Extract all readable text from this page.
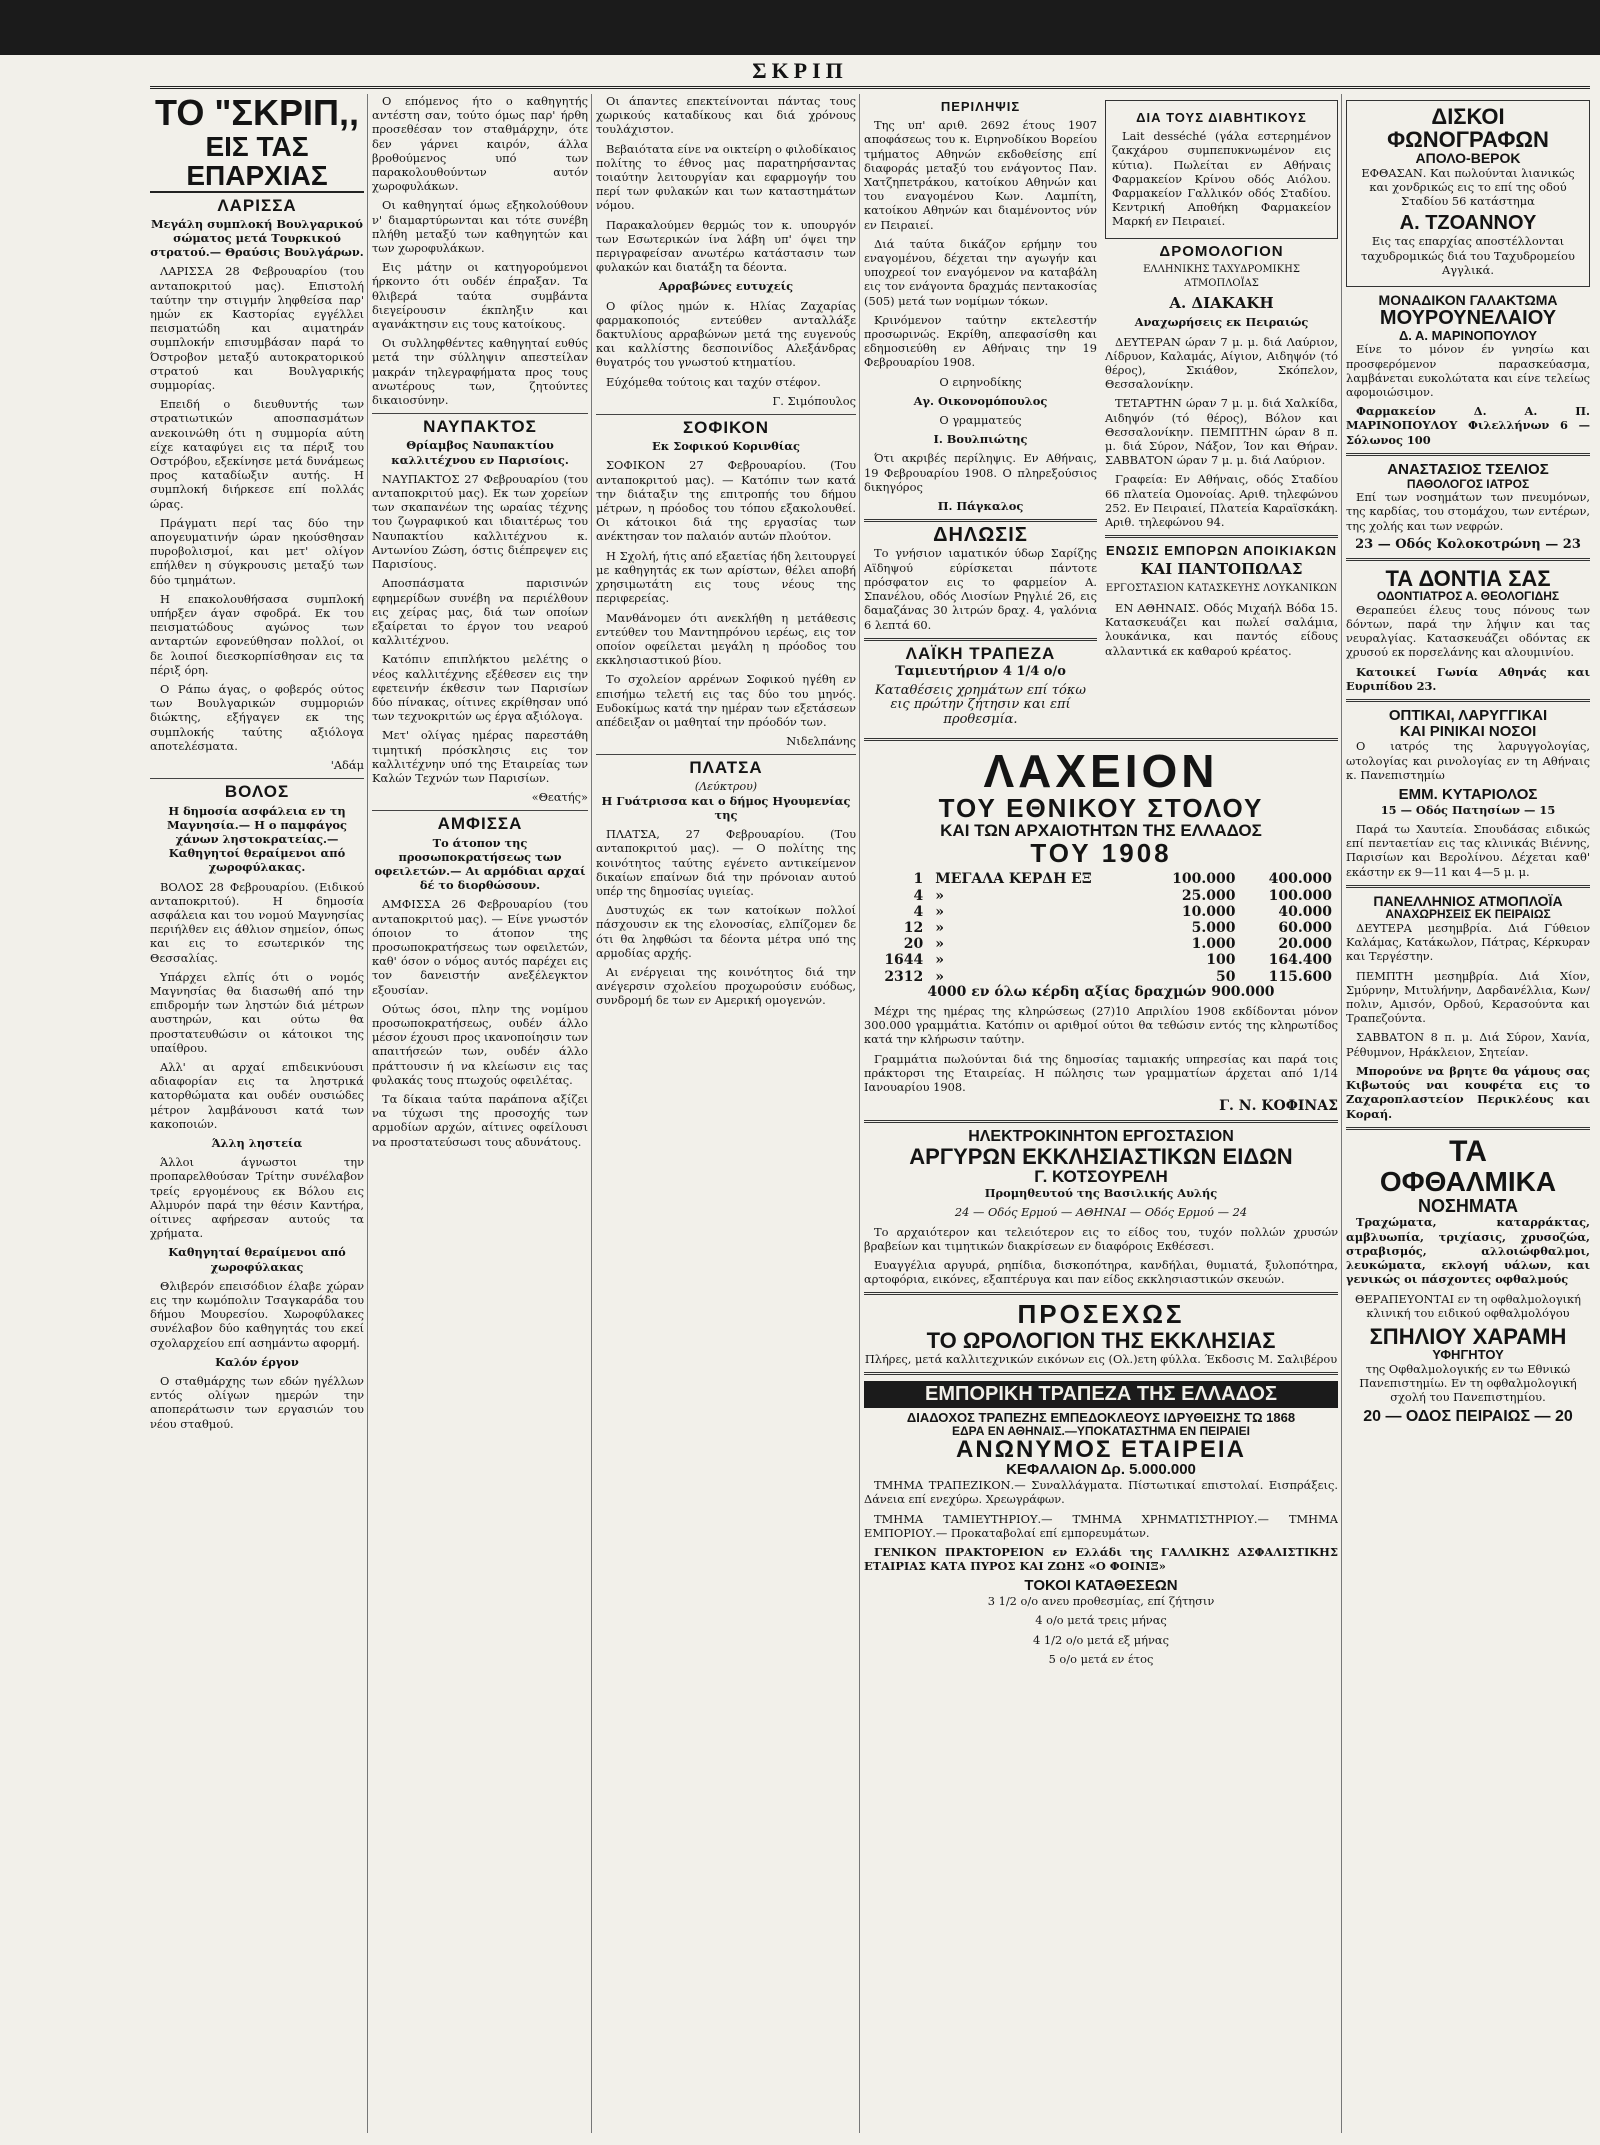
ΣΚΡΙΠ
ΤΟ "ΣΚΡΙΠ,,
ΕΙΣ ΤΑΣ ΕΠΑΡΧΙΑΣ
ΛΑΡΙΣΣΑ

Μεγάλη συμπλοκή Βουλγαρικού σώματος μετά Τουρκικού στρατού.— Θραύσις Βουλγάρων.

ΛΑΡΙΣΣΑ 28 Φεβρουαρίου (του ανταποκριτού μας). Επιστολή ταύτην την στιγμήν ληφθείσα παρ' ημών εκ Καστορίας εγγέλλει πεισματώδη και αιματηράν συμπλοκήν επισυμβάσαν παρά το Όστροβον μεταξύ αυτοκρατορικού στρατού και Βουλγαρικής συμμορίας.

Επειδή ο διευθυντής των στρατιωτικών αποσπασμάτων ανεκοινώθη ότι η συμμορία αύτη είχε καταφύγει εις τα πέριξ του Οστρόβου, εξεκίνησε μετά δυνάμεως προς καταδίωξιν αυτής. Η συμπλοκή διήρκεσε επί πολλάς ώρας.

Πράγματι περί τας δύο την απογευματινήν ώραν ηκούσθησαν πυροβολισμοί, και μετ' ολίγον επήλθεν η σύγκρουσις μεταξύ των δύο τμημάτων.

Η επακολουθήσασα συμπλοκή υπήρξεν άγαν σφοδρά. Εκ του πεισματώδους αγώνος των ανταρτών εφονεύθησαν πολλοί, οι δε λοιποί διεσκορπίσθησαν εις τα πέριξ όρη.

Ο Ράπω άγας, ο φοβερός ούτος των Βουλγαρικών συμμοριών διώκτης, εξήγαγεν εκ της συμπλοκής ταύτης αξιόλογα αποτελέσματα.

'Αδάμ

ΒΟΛΟΣ

Η δημοσία ασφάλεια εν τη Μαγνησία.— Η ο παμφάγος χάνων ληστοκρατείας.— Καθηγητοί θεραίμενοι από χωροφύλακας.

ΒΟΛΟΣ 28 Φεβρουαρίου. (Ειδικού ανταποκριτού). Η δημοσία ασφάλεια και του νομού Μαγνησίας περιήλθεν εις άθλιον σημείον, όπως και εις το εσωτερικόν της Θεσσαλίας.

Υπάρχει ελπίς ότι ο νομός Μαγνησίας θα διασωθή από την επιδρομήν των ληστών διά μέτρων αυστηρών, και ούτω θα προστατευθώσιν οι κάτοικοι της υπαίθρου.

Αλλ' αι αρχαί επιδεικνύουσι αδιαφορίαν εις τα ληστρικά κατορθώματα και ουδέν ουσιώδες μέτρον λαμβάνουσι κατά των κακοποιών.

Άλλη ληστεία

Άλλοι άγνωστοι την προπαρελθούσαν Τρίτην συνέλαβον τρείς εργομένους εκ Βόλου εις Αλμυρόν παρά την θέσιν Καντήρα, οίτινες αφήρεσαν αυτούς τα χρήματα.

Καθηγηταί θεραίμενοι από χωροφύλακας

Θλιβερόν επεισόδιον έλαβε χώραν εις την κωμόπολιν Τσαγκαράδα του δήμου Μουρεσίου. Χωροφύλακες συνέλαβον δύο καθηγητάς του εκεί σχολαρχείου επί ασημάντω αφορμή.

Καλόν έργον

Ο σταθμάρχης των εδών ηγέλλων εντός ολίγων ημερών την αποπεράτωσιν των εργασιών του νέου σταθμού.

Ο επόμενος ήτο ο καθηγητής αντέστη σαν, τούτο όμως παρ' ήρθη προσεθέσαν τον σταθμάρχην, ότε δεν γάρνει καιρόν, άλλα βροθούμενος υπό των παρακολουθούντων αυτόν χωροφυλάκων.

Οι καθηγηταί όμως εξηκολούθουν ν' διαμαρτύρωνται και τότε συνέβη πλήθη μεταξύ των καθηγητών και των χωροφυλάκων.

Εις μάτην οι κατηγορούμενοι ήρκοντο ότι ουδέν έπραξαν. Τα θλιβερά ταύτα συμβάντα διεγείρουσιν έκπληξιν και αγανάκτησιν εις τους κατοίκους.

Οι συλληφθέντες καθηγηταί ευθύς μετά την σύλληψιν απεστείλαν μακράν τηλεγραφήματα προς τους ανωτέρους των, ζητούντες δικαιοσύνην.

ΝΑΥΠΑΚΤΟΣ

Θρίαμβος Ναυπακτίου καλλιτέχνου εν Παρισίοις.

ΝΑΥΠΑΚΤΟΣ 27 Φεβρουαρίου (του ανταποκριτού μας). Εκ των χορείων των σκαπανέων της ωραίας τέχνης του ζωγραφικού και ιδιαιτέρως του Ναυπακτίου καλλιτέχνου κ. Αντωνίου Ζώση, όστις διέπρεψεν εις Παρισίους.

Αποσπάσματα παρισινών εφημερίδων συνέβη να περιέλθουν εις χείρας μας, διά των οποίων εξαίρεται το έργον του νεαρού καλλιτέχνου.

Κατόπιν επιπλήκτου μελέτης ο νέος καλλιτέχνης εξέθεσεν εις την εφετεινήν έκθεσιν των Παρισίων δύο πίνακας, οίτινες εκρίθησαν υπό των τεχνοκριτών ως έργα αξιόλογα.

Μετ' ολίγας ημέρας παρεστάθη τιμητική πρόσκλησις εις τον καλλιτέχνην υπό της Εταιρείας των Καλών Τεχνών των Παρισίων.

«Θεατής»

ΑΜΦΙΣΣΑ

Το άτοπον της προσωποκρατήσεως των οφειλετών.— Αι αρμόδιαι αρχαί δέ το διορθώσουν.

ΑΜΦΙΣΣΑ 26 Φεβρουαρίου (του ανταποκριτού μας). — Είνε γνωστόν όποιον το άτοπον της προσωποκρατήσεως των οφειλετών, καθ' όσον ο νόμος αυτός παρέχει εις τον δανειστήν ανεξέλεγκτον εξουσίαν.

Ούτως όσοι, πλην της νομίμου προσωποκρατήσεως, ουδέν άλλο μέσον έχουσι προς ικανοποίησιν των απαιτήσεών των, ουδέν άλλο πράττουσιν ή να κλείωσιν εις τας φυλακάς τους πτωχούς οφειλέτας.

Τα δίκαια ταύτα παράπονα αξίζει να τύχωσι της προσοχής των αρμοδίων αρχών, αίτινες οφείλουσι να προστατεύσωσι τους αδυνάτους.

Οι άπαντες επεκτείνονται πάντας τους χωρικούς καταδίκους και διά χρόνους τουλάχιστον.

Βεβαιότατα είνε να οικτείρη ο φιλοδίκαιος πολίτης το έθνος μας παρατηρήσαντας τοιαύτην λειτουργίαν και εφαρμογήν του περί των φυλακών και των καταστημάτων νόμου.

Παρακαλούμεν θερμώς τον κ. υπουργόν των Εσωτερικών ίνα λάβη υπ' όψει την περιγραφείσαν ανωτέρω κατάστασιν των φυλακών και διατάξη τα δέοντα.

Αρραβώνες ευτυχείς

Ο φίλος ημών κ. Ηλίας Ζαχαρίας φαρμακοποιός εντεύθεν ανταλλάξε δακτυλίους αρραβώνων μετά της ευγενούς και καλλίστης δεσποινίδος Αλεξάνδρας θυγατρός του γνωστού κτηματίου.

Εύχόμεθα τούτοις και ταχύν στέφον.

Γ. Σιμόπουλος

ΣΟΦΙΚΟΝ

Εκ Σοφικού Κορινθίας

ΣΟΦΙΚΟΝ 27 Φεβρουαρίου. (Του ανταποκριτού μας). — Κατόπιν των κατά την διάταξιν της επιτροπής του δήμου μέτρων, η πρόοδος του τόπου εξακολουθεί. Οι κάτοικοι διά της εργασίας των ανέκτησαν τον παλαιόν αυτών πλούτον.

Η Σχολή, ήτις από εξαετίας ήδη λειτουργεί με καθηγητάς εκ των αρίστων, θέλει αποβή χρησιμωτάτη εις τους νέους της περιφερείας.

Μανθάνομεν ότι ανεκλήθη η μετάθεσις εντεύθεν του Μαντηπρόνου ιερέως, εις τον οποίον οφείλεται μεγάλη η πρόοδος του εκκλησιαστικού βίου.

Το σχολείον αρρένων Σοφικού ηγέθη εν επισήμω τελετή εις τας δύο του μηνός. Ευδοκίμως κατά την ημέραν των εξετάσεων απέδειξαν οι μαθηταί την πρόοδόν των.

Νιδελπάνης

ΠΛΑΤΣΑ
(Λεύκτρου)

Η Γυάτρισσα και ο δήμος Ηγουμενίας της

ΠΛΑΤΣΑ, 27 Φεβρουαρίου. (Του ανταποκριτού μας). — Ο πολίτης της κοινότητος ταύτης εγένετο αντικείμενον δικαίων επαίνων διά την πρόνοιαν αυτού υπέρ της δημοσίας υγιείας.

Δυστυχώς εκ των κατοίκων πολλοί πάσχουσιν εκ της ελονοσίας, ελπίζομεν δε ότι θα ληφθώσι τα δέοντα μέτρα υπό της αρμοδίας αρχής.

Αι ενέργειαι της κοινότητος διά την ανέγερσιν σχολείου προχωρούσιν ευόδως, συνδρομή δε των εν Αμερική ομογενών.

ΠΕΡΙΛΗΨΙΣ

Της υπ' αριθ. 2692 έτους 1907 αποφάσεως του κ. Ειρηνοδίκου Βορείου τμήματος Αθηνών εκδοθείσης επί διαφοράς μεταξύ του ενάγοντος Παν. Χατζηπετράκου, κατοίκου Αθηνών και του εναγομένου Κων. Λαμπίτη, κατοίκου Αθηνών και διαμένοντος νύν εν Πειραιεί.

Διά ταύτα δικάζον ερήμην του εναγομένου, δέχεται την αγωγήν και υποχρεοί τον εναγόμενον να καταβάλη εις τον ενάγοντα δραχμάς πεντακοσίας (505) μετά των νομίμων τόκων.

Κρινόμενον ταύτην εκτελεστήν προσωρινώς. Εκρίθη, απεφασίσθη και εδημοσιεύθη εν Αθήναις την 19 Φεβρουαρίου 1908.

Ο ειρηνοδίκης

Αγ. Οικονομόπουλος

Ο γραμματεύς

Ι. Βουλπιώτης

Ότι ακριβές περίληψις. Εν Αθήναις, 19 Φεβρουαρίου 1908. Ο πληρεξούσιος δικηγόρος

Π. Πάγκαλος

ΔΗΛΩΣΙΣ

Το γνήσιον ιαματικόν ύδωρ Σαρίζης Αϊδηψού εύρίσκεται πάντοτε πρόσφατον εις το φαρμείον Α. Σπανέλου, οδός Λιοσίων Ρηγλιέ 26, εις δαμαζάνας 30 λιτρών δραχ. 4, γαλόνια 6 λεπτά 60.

ΛΑΪΚΗ ΤΡΑΠΕΖΑ

Ταμιευτήριον 4 1/4 ο/ο

Καταθέσεις χρημάτων επί τόκω εις πρώτην ζήτησιν και επί προθεσμία.

ΔΙΑ ΤΟΥΣ ΔΙΑΒΗΤΙΚΟΥΣ

Lait desséché (γάλα εστερημένον ζακχάρου συμπεπυκνωμένον εις κύτια). Πωλείται εν Αθήναις Φαρμακείον Κρίνου οδός Αιόλου. Φαρμακείον Γαλλικόν οδός Σταδίου. Κεντρική Αποθήκη Φαρμακείον Μαρκή εν Πειραιεί.

ΔΡΟΜΟΛΟΓΙΟΝ

ΕΛΛΗΝΙΚΗΣ ΤΑΧΥΔΡΟΜΙΚΗΣ ΑΤΜΟΠΛΟΪΑΣ

Α. ΔΙΑΚΑΚΗ

Αναχωρήσεις εκ Πειραιώς

ΔΕΥΤΕΡΑΝ ώραν 7 μ. μ. διά Λαύριον, Λίδρυον, Καλαμάς, Αίγιον, Αιδηψόν (τό θέρος), Σκιάθον, Σκόπελον, Θεσσαλονίκην.

ΤΕΤΑΡΤΗΝ ώραν 7 μ. μ. διά Χαλκίδα, Αιδηψόν (τό θέρος), Βόλον και Θεσσαλονίκην. ΠΕΜΠΤΗΝ ώραν 8 π. μ. διά Σύρον, Νάξον, Ίον και Θήραν. ΣΑΒΒΑΤΟΝ ώραν 7 μ. μ. διά Λαύριον.

Γραφεία: Εν Αθήναις, οδός Σταδίου 66 πλατεία Ομονοίας. Αριθ. τηλεφώνου 252. Εν Πειραιεί, Πλατεία Καραϊσκάκη. Αριθ. τηλεφώνου 94.

ΕΝΩΣΙΣ ΕΜΠΟΡΩΝ ΑΠΟΙΚΙΑΚΩΝ

ΚΑΙ ΠΑΝΤΟΠΩΛΑΣ

ΕΡΓΟΣΤΑΣΙΟΝ ΚΑΤΑΣΚΕΥΗΣ ΛΟΥΚΑΝΙΚΩΝ

ΕΝ ΑΘΗΝΑΙΣ. Οδός Μιχαήλ Βόδα 15. Κατασκευάζει και πωλεί σαλάμια, λουκάνικα, και παντός είδους αλλαντικά εκ καθαρού κρέατος.

ΛΑΧΕΙΟΝ
ΤΟΥ ΕΘΝΙΚΟΥ ΣΤΟΛΟΥ
ΚΑΙ ΤΩΝ ΑΡΧΑΙΟΤΗΤΩΝ ΤΗΣ ΕΛΛΑΔΟΣ
ΤΟΥ 1908
1	ΜΕΓΑΛΑ ΚΕΡΔΗ ΕΞ	100.000	400.000
4	»	25.000	100.000
4	»	10.000	40.000
12	»	5.000	60.000
20	»	1.000	20.000
1644	»	100	164.400
2312	»	50	115.600

4000 εν όλω κέρδη αξίας δραχμών 900.000

Μέχρι της ημέρας της κληρώσεως (27)10 Απριλίου 1908 εκδίδονται μόνον 300.000 γραμμάτια. Κατόπιν οι αριθμοί ούτοι θα τεθώσιν εντός της κληρωτίδος κατά την κλήρωσιν ταύτην.

Γραμμάτια πωλούνται διά της δημοσίας ταμιακής υπηρεσίας και παρά τοις πράκτορσι της Εταιρείας. Η πώλησις των γραμματίων άρχεται από 1/14 Ιανουαρίου 1908.

Γ. Ν. ΚΟΦΙΝΑΣ

ΗΛΕΚΤΡΟΚΙΝΗΤΟΝ ΕΡΓΟΣΤΑΣΙΟΝ
ΑΡΓΥΡΩΝ ΕΚΚΛΗΣΙΑΣΤΙΚΩΝ ΕΙΔΩΝ
Γ. ΚΟΤΣΟΥΡΕΛΗ

Προμηθευτού της Βασιλικής Αυλής

24 — Οδός Ερμού — ΑΘΗΝΑΙ — Οδός Ερμού — 24

Το αρχαιότερον και τελειότερον εις το είδος του, τυχόν πολλών χρυσών βραβείων και τιμητικών διακρίσεων εν διαφόροις Εκθέσεσι.

Ευαγγέλια αργυρά, ρηπίδια, δισκοπότηρα, κανδήλαι, θυμιατά, ξυλοπότηρα, αρτοφόρια, εικόνες, εξαπτέρυγα και παν είδος εκκλησιαστικών σκευών.

ΠΡΟΣΕΧΩΣ
ΤΟ ΩΡΟΛΟΓΙΟΝ ΤΗΣ ΕΚΚΛΗΣΙΑΣ

Πλήρες, μετά καλλιτεχνικών εικόνων εις (Ολ.)ετη φύλλα. Έκδοσις Μ. Σαλιβέρου

ΕΜΠΟΡΙΚΗ ΤΡΑΠΕΖΑ ΤΗΣ ΕΛΛΑΔΟΣ
ΔΙΑΔΟΧΟΣ ΤΡΑΠΕΖΗΣ ΕΜΠΕΔΟΚΛΕΟΥΣ ΙΔΡΥΘΕΙΣΗΣ ΤΩ 1868
ΕΔΡΑ ΕΝ ΑΘΗΝΑΙΣ.—ΥΠΟΚΑΤΑΣΤΗΜΑ ΕΝ ΠΕΙΡΑΙΕΙ
ΑΝΩΝΥΜΟΣ ΕΤΑΙΡΕΙΑ
ΚΕΦΑΛΑΙΟΝ Δρ. 5.000.000

ΤΜΗΜΑ ΤΡΑΠΕΖΙΚΟΝ.— Συναλλάγματα. Πίστωτικαί επιστολαί. Εισπράξεις. Δάνεια επί ενεχύρω. Χρεωγράφων.

ΤΜΗΜΑ ΤΑΜΙΕΥΤΗΡΙΟΥ.— ΤΜΗΜΑ ΧΡΗΜΑΤΙΣΤΗΡΙΟΥ.— ΤΜΗΜΑ ΕΜΠΟΡΙΟΥ.— Προκαταβολαί επί εμπορευμάτων.

ΓΕΝΙΚΟΝ ΠΡΑΚΤΟΡΕΙΟΝ εν Ελλάδι της ΓΑΛΛΙΚΗΣ ΑΣΦΑΛΙΣΤΙΚΗΣ ΕΤΑΙΡΙΑΣ ΚΑΤΑ ΠΥΡΟΣ ΚΑΙ ΖΩΗΣ «Ο ΦΟΙΝΙΞ»

ΤΟΚΟΙ ΚΑΤΑΘΕΣΕΩΝ

3 1/2 ο/ο ανευ προθεσμίας, επί ζήτησιν

4 ο/ο μετά τρεις μήνας

4 1/2 ο/ο μετά εξ μήνας

5 ο/ο μετά εν έτος

ΔΙΣΚΟΙ ΦΩΝΟΓΡΑΦΩΝ
ΑΠΟΛΟ-ΒΕΡΟΚ

ΕΦΘΑΣΑΝ. Και πωλούνται λιανικώς και χονδρικώς εις το επί της οδού Σταδίου 56 κατάστημα

Α. ΤΖΟΑΝΝΟΥ

Εις τας επαρχίας αποστέλλονται ταχυδρομικώς διά του Ταχυδρομείου Αγγλικά.

ΜΟΝΑΔΙΚΟΝ ΓΑΛΑΚΤΩΜΑ
ΜΟΥΡΟΥΝΕΛΑΙΟΥ
Δ. Α. ΜΑΡΙΝΟΠΟΥΛΟΥ

Είνε το μόνον έν γνησίω και προσφερόμενον παρασκεύασμα, λαμβάνεται ευκολώτατα και είνε τελείως αφομοιώσιμον.

Φαρμακείον Δ. Α. Π. ΜΑΡΙΝΟΠΟΥΛΟΥ Φιλελλήνων 6 — Σόλωνος 100

ΑΝΑΣΤΑΣΙΟΣ ΤΣΕΛΙΟΣ
ΠΑΘΟΛΟΓΟΣ ΙΑΤΡΟΣ

Επί των νοσημάτων των πνευμόνων, της καρδίας, του στομάχου, των εντέρων, της χολής και των νεφρών.

23 — Οδός Κολοκοτρώνη — 23

ΤΑ ΔΟΝΤΙΑ ΣΑΣ
ΟΔΟΝΤΙΑΤΡΟΣ Α. ΘΕΟΛΟΓΙΔΗΣ

Θεραπεύει έλευς τους πόνους των δόντων, παρά την λήψιν και τας νευραλγίας. Κατασκευάζει οδόντας εκ χρυσού εκ πορσελάνης και αλουμινίου.

Κατοικεί Γωνία Αθηνάς και Ευριπίδου 23.

ΟΠΤΙΚΑΙ, ΛΑΡΥΓΓΙΚΑΙ
ΚΑΙ ΡΙΝΙΚΑΙ ΝΟΣΟΙ

Ο ιατρός της λαρυγγολογίας, ωτολογίας και ρινολογίας εν τη Αθήναις κ. Πανεπιστημίω

ΕΜΜ. ΚΥΤΑΡΙΟΛΟΣ

15 — Οδός Πατησίων — 15

Παρά τω Χαυτεία. Σπουδάσας ειδικώς επί πενταετίαν εις τας κλινικάς Βιέννης, Παρισίων και Βερολίνου. Δέχεται καθ' εκάστην εκ 9—11 και 4—5 μ. μ.

ΠΑΝΕΛΛΗΝΙΟΣ ΑΤΜΟΠΛΟΪΑ
ΑΝΑΧΩΡΗΣΕΙΣ ΕΚ ΠΕΙΡΑΙΩΣ

ΔΕΥΤΕΡΑ μεσημβρία. Διά Γύθειον Καλάμας, Κατάκωλον, Πάτρας, Κέρκυραν και Τεργέστην.

ΠΕΜΠΤΗ μεσημβρία. Διά Χίον, Σμύρνην, Μιτυλήνην, Δαρδανέλλια, Κων/πολιν, Αμισόν, Ορδού, Κερασούντα και Τραπεζούντα.

ΣΑΒΒΑΤΟΝ 8 π. μ. Διά Σύρον, Χανία, Ρέθυμνον, Ηράκλειον, Σητείαν.

Μπορούνε να βρητε θα γάμους σας Κιβωτούς ναι κουφέτα εις το Ζαχαροπλαστείον Περικλέους και Κοραή.

ΤΑ
ΟΦΘΑΛΜΙΚΑ
ΝΟΣΗΜΑΤΑ

Τραχώματα, καταρράκτας, αμβλυωπία, τριχίασις, χρυσοζώα, στραβισμός, αλλοιώφθαλμοι, λευκώματα, εκλογή υάλων, και γενικώς οι πάσχοντες οφθαλμούς

ΘΕΡΑΠΕΥΟΝΤΑΙ εν τη οφθαλμολογική κλινική του ειδικού οφθαλμολόγου

ΣΠΗΛΙΟΥ ΧΑΡΑΜΗ
ΥΦΗΓΗΤΟΥ

της Οφθαλμολογικής εν τω Εθνικώ Πανεπιστημίω. Εν τη οφθαλμολογική σχολή του Πανεπιστημίου.

20 — ΟΔΟΣ ΠΕΙΡΑΙΩΣ — 20
